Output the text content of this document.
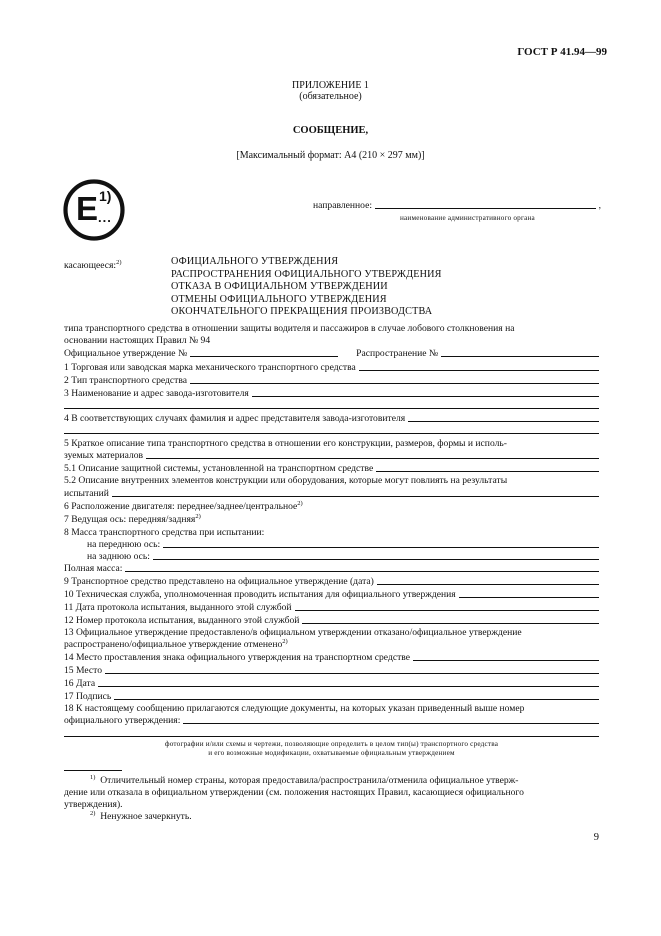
ГОСТ Р 41.94—99
ПРИЛОЖЕНИЕ 1
(обязательное)
СООБЩЕНИЕ,
[Максимальный формат: А4 (210 × 297 мм)]
E 1)
...
направленное:	,
наименование административного органа
касающееся:$^{2)}$	ОФИЦИАЛЬНОГО УТВЕРЖДЕНИЯ
РАСПРОСТРАНЕНИЯ ОФИЦИАЛЬНОГО УТВЕРЖДЕНИЯ
ОТКАЗА В ОФИЦИАЛЬНОМ УТВЕРЖДЕНИИ
ОТМЕНЫ ОФИЦИАЛЬНОГО УТВЕРЖДЕНИЯ
ОКОНЧАТЕЛЬНОГО ПРЕКРАЩЕНИЯ ПРОИЗВОДСТВА
типа транспортного средства в отношении защиты водителя и пассажиров в случае лобового столкновения на
основании настоящих Правил № 94
Официальное утверждение №	Распространение №
1 Торговая или заводская марка механического транспортного средства
2 Тип транспортного средства
3 Наименование и адрес завода-изготовителя
4 В соответствующих случаях фамилия и адрес представителя завода-изготовителя
5 Краткое описание типа транспортного средства в отношении его конструкции, размеров, формы и исполь-
зуемых материалов
5.1 Описание защитной системы, установленной на транспортном средстве
5.2 Описание внутренних элементов конструкции или оборудования, которые могут повлиять на результаты
испытаний
6 Расположение двигателя: переднее/заднее/центральное$^{2)}$
7 Ведущая ось: передняя/задняя$^{2)}$
8 Масса транспортного средства при испытании:
на переднюю ось:
на заднюю ось:
Полная масса:
9 Транспортное средство представлено на официальное утверждение (дата)
10 Техническая служба, уполномоченная проводить испытания для официального утверждения
11 Дата протокола испытания, выданного этой службой
12 Номер протокола испытания, выданного этой службой
13 Официальное утверждение предоставлено/в официальном утверждении отказано/официальное утверждение
распространено/официальное утверждение отменено$^{2)}$
14 Место проставления знака официального утверждения на транспортном средстве
15 Место
16 Дата
17 Подпись
18 К настоящему сообщению прилагаются следующие документы, на которых указан приведенный выше номер
официального утверждения:
фотографии и/или схемы и чертежи, позволяющие определить в целом тип(ы) транспортного средства
и его возможные модификации, охватываемые официальным утверждением
$^{1)}$ Отличительный номер страны, которая предоставила/распространила/отменила официальное утверж-
дение или отказала в официальном утверждении (см. положения настоящих Правил, касающиеся официального
утверждения).
$^{2)}$ Ненужное зачеркнуть.
9
